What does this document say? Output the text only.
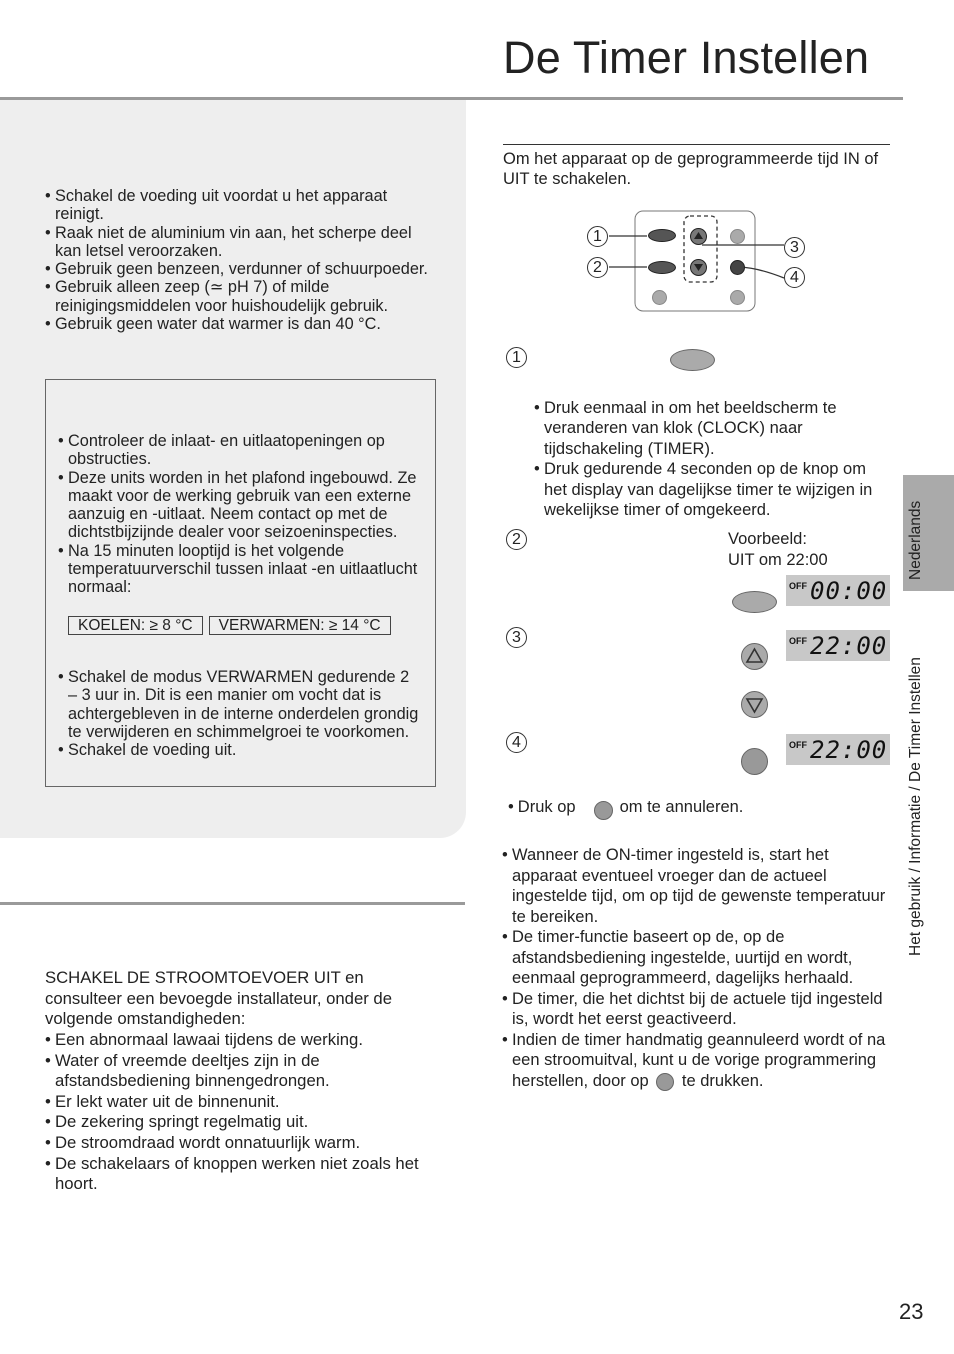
De Timer Instellen
• Schakel de voeding uit voordat u het apparaat reinigt.
• Raak niet de aluminium vin aan, het scherpe deel kan letsel veroorzaken.
• Gebruik geen benzeen, verdunner of schuurpoeder.
• Gebruik alleen zeep (≃ pH 7) of milde reinigingsmiddelen voor huishoudelijk gebruik.
• Gebruik geen water dat warmer is dan 40 °C.
• Controleer de inlaat- en uitlaatopeningen op obstructies.
• Deze units worden in het plafond ingebouwd. Ze maakt voor de werking gebruik van een externe aanzuig en -uitlaat. Neem contact op met de dichtstbijzijnde dealer voor seizoeninspecties.
• Na 15 minuten looptijd is het volgende temperatuurverschil tussen inlaat -en uitlaatlucht normaal:
KOELEN: ≥ 8 °C VERWARMEN: ≥ 14 °C
• Schakel de modus VERWARMEN gedurende 2 – 3 uur in. Dit is een manier om vocht dat is achtergebleven in de interne onderdelen grondig te verwijderen en schimmelgroei te voorkomen.
• Schakel de voeding uit.
SCHAKEL DE STROOMTOEVOER UIT en consulteer een bevoegde installateur, onder de volgende omstandigheden:
• Een abnormaal lawaai tijdens de werking.
• Water of vreemde deeltjes zijn in de afstandsbediening binnengedrongen.
• Er lekt water uit de binnenunit.
• De zekering springt regelmatig uit.
• De stroomdraad wordt onnatuurlijk warm.
• De schakelaars of knoppen werken niet zoals het hoort.
Om het apparaat op de geprogrammeerde tijd IN of UIT te schakelen.
1
2
3
4
1
• Druk eenmaal in om het beeldscherm te veranderen van klok (CLOCK) naar tijdschakeling (TIMER).
• Druk gedurende 4 seconden op de knop om het display van dagelijkse timer te wijzigen in wekelijkse timer of omgekeerd.
2	Voorbeeld:
UIT om 22:00
OFF 00:00
3	OFF 22:00
4	OFF 22:00
• Druk op	om te annuleren.
• Wanneer de ON-timer ingesteld is, start het apparaat eventueel vroeger dan de actueel ingestelde tijd, om op tijd de gewenste temperatuur te bereiken.
• De timer-functie baseert op de, op de afstandsbediening ingestelde, uurtijd en wordt, eenmaal geprogrammeerd, dagelijks herhaald.
• De timer, die het dichtst bij de actuele tijd ingesteld is, wordt het eerst geactiveerd.
• Indien de timer handmatig geannuleerd wordt of na een stroomuitval, kunt u de vorige programmering herstellen, door op te drukken.
Nederlands
Het gebruik / Informatie / De Timer Instellen
23
